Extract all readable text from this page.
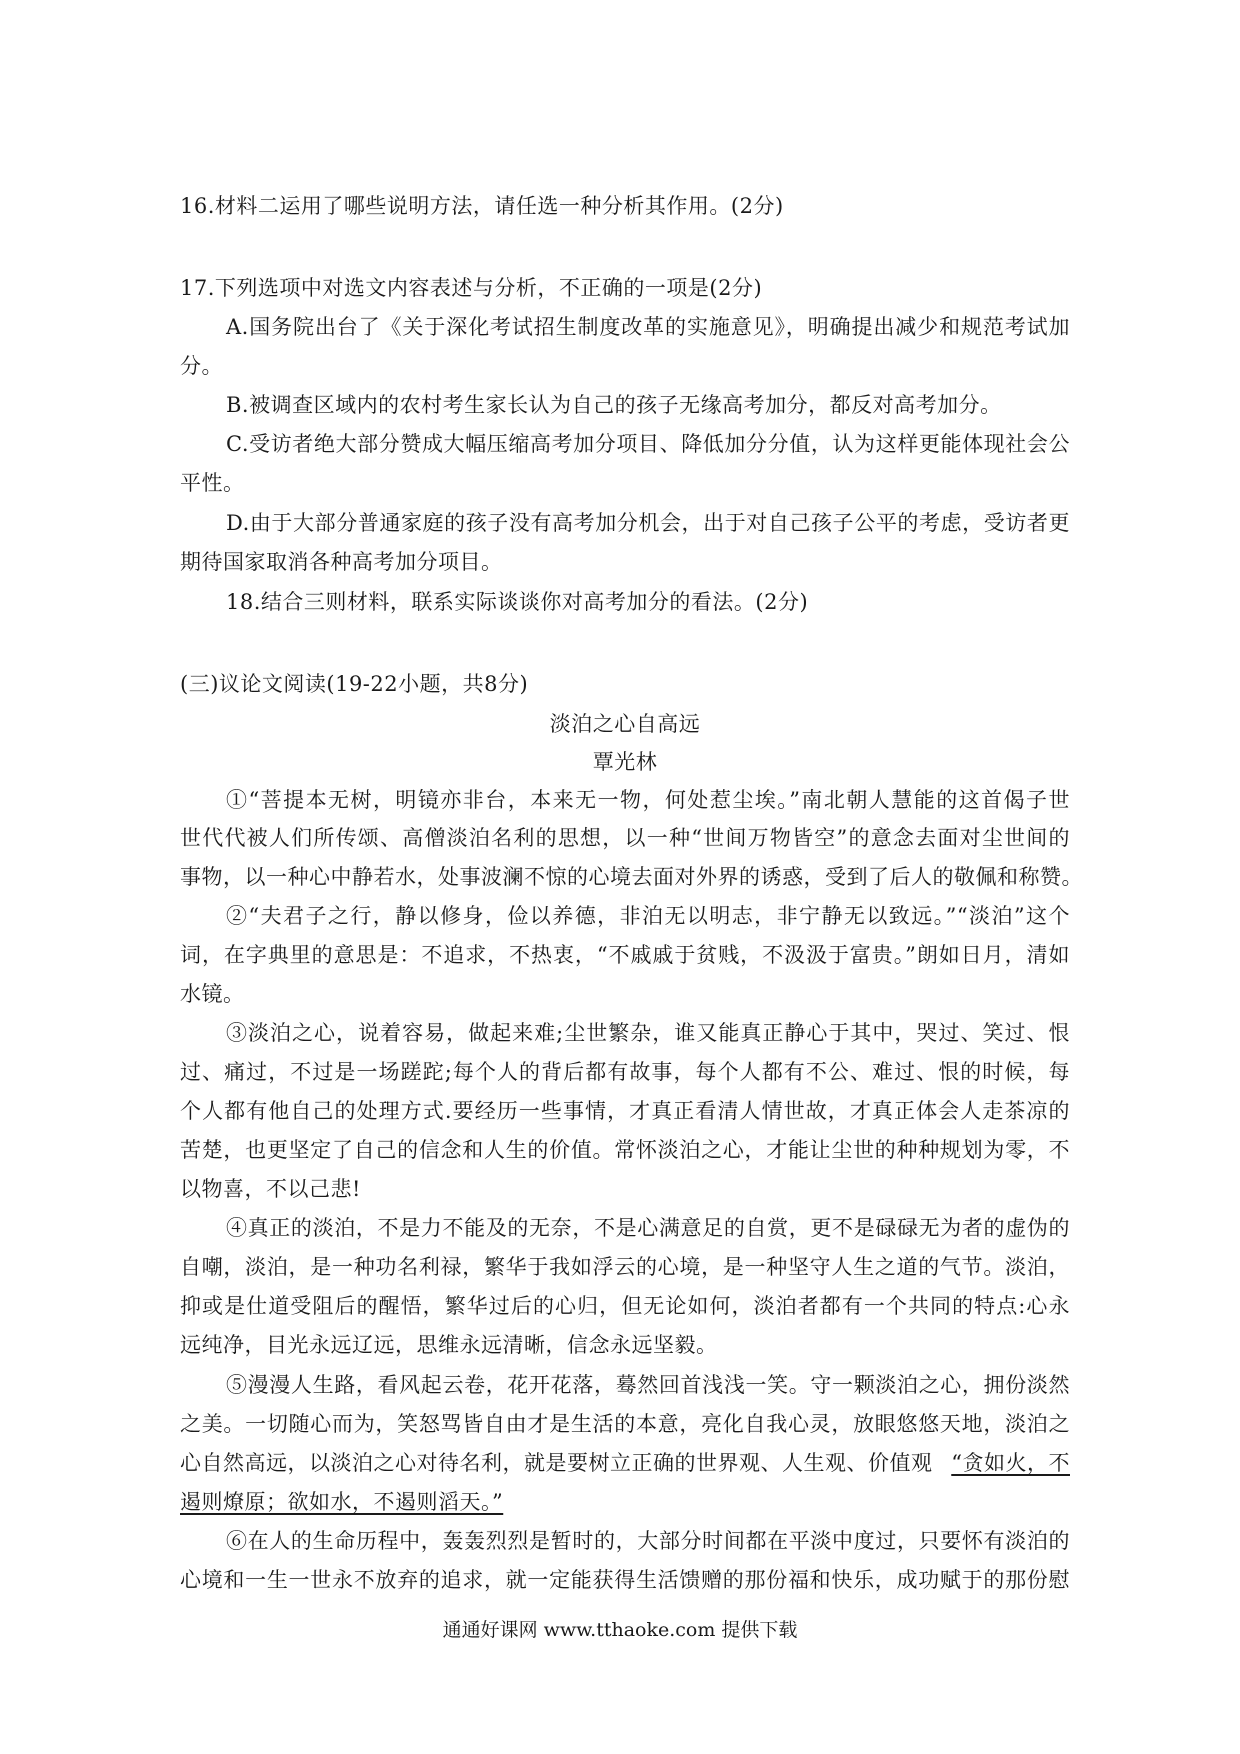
16.材料二运用了哪些说明方法，请任选一种分析其作用。(2分)
17.下列选项中对选文内容表述与分析，不正确的一项是(2分)
A.国务院出台了《关于深化考试招生制度改革的实施意见》，明确提出减少和规范考试加
分。
B.被调查区域内的农村考生家长认为自己的孩子无缘高考加分，都反对高考加分。
C.受访者绝大部分赞成大幅压缩高考加分项目、降低加分分值，认为这样更能体现社会公
平性。
D.由于大部分普通家庭的孩子没有高考加分机会，出于对自己孩子公平的考虑，受访者更
期待国家取消各种高考加分项目。
18.结合三则材料，联系实际谈谈你对高考加分的看法。(2分)
(三)议论文阅读(19-22小题，共8分)
淡泊之心自高远
覃光林
①“菩提本无树，明镜亦非台，本来无一物，何处惹尘埃。”南北朝人慧能的这首偈子世
世代代被人们所传颂、高僧淡泊名利的思想，以一种“世间万物皆空”的意念去面对尘世间的
事物，以一种心中静若水，处事波澜不惊的心境去面对外界的诱惑，受到了后人的敬佩和称赞。
②“夫君子之行，静以修身，俭以养德，非泊无以明志，非宁静无以致远。”“淡泊”这个
词，在字典里的意思是：不追求，不热衷，“不戚戚于贫贱，不汲汲于富贵。”朗如日月，清如
水镜。
③淡泊之心，说着容易，做起来难;尘世繁杂，谁又能真正静心于其中，哭过、笑过、恨
过、痛过，不过是一场蹉跎;每个人的背后都有故事，每个人都有不公、难过、恨的时候，每
个人都有他自己的处理方式.要经历一些事情，才真正看清人情世故，才真正体会人走茶凉的
苦楚，也更坚定了自己的信念和人生的价值。常怀淡泊之心，才能让尘世的种种规划为零，不
以物喜，不以己悲!
④真正的淡泊，不是力不能及的无奈，不是心满意足的自赏，更不是碌碌无为者的虚伪的
自嘲，淡泊，是一种功名利禄，繁华于我如浮云的心境，是一种坚守人生之道的气节。淡泊，
抑或是仕道受阻后的醒悟，繁华过后的心归，但无论如何，淡泊者都有一个共同的特点:心永
远纯净，目光永远辽远，思维永远清晰，信念永远坚毅。
⑤漫漫人生路，看风起云卷，花开花落，蓦然回首浅浅一笑。守一颗淡泊之心，拥份淡然
之美。一切随心而为，笑怒骂皆自由才是生活的本意，亮化自我心灵，放眼悠悠天地，淡泊之
心自然高远，以淡泊之心对待名利，就是要树立正确的世界观、人生观、价值观 “贪如火，不
遏则燎原；欲如水，不遏则滔天。”
⑥在人的生命历程中，轰轰烈烈是暂时的，大部分时间都在平淡中度过，只要怀有淡泊的
心境和一生一世永不放弃的追求，就一定能获得生活馈赠的那份福和快乐，成功赋于的那份慰
通通好课网 www.tthaoke.com 提供下载
